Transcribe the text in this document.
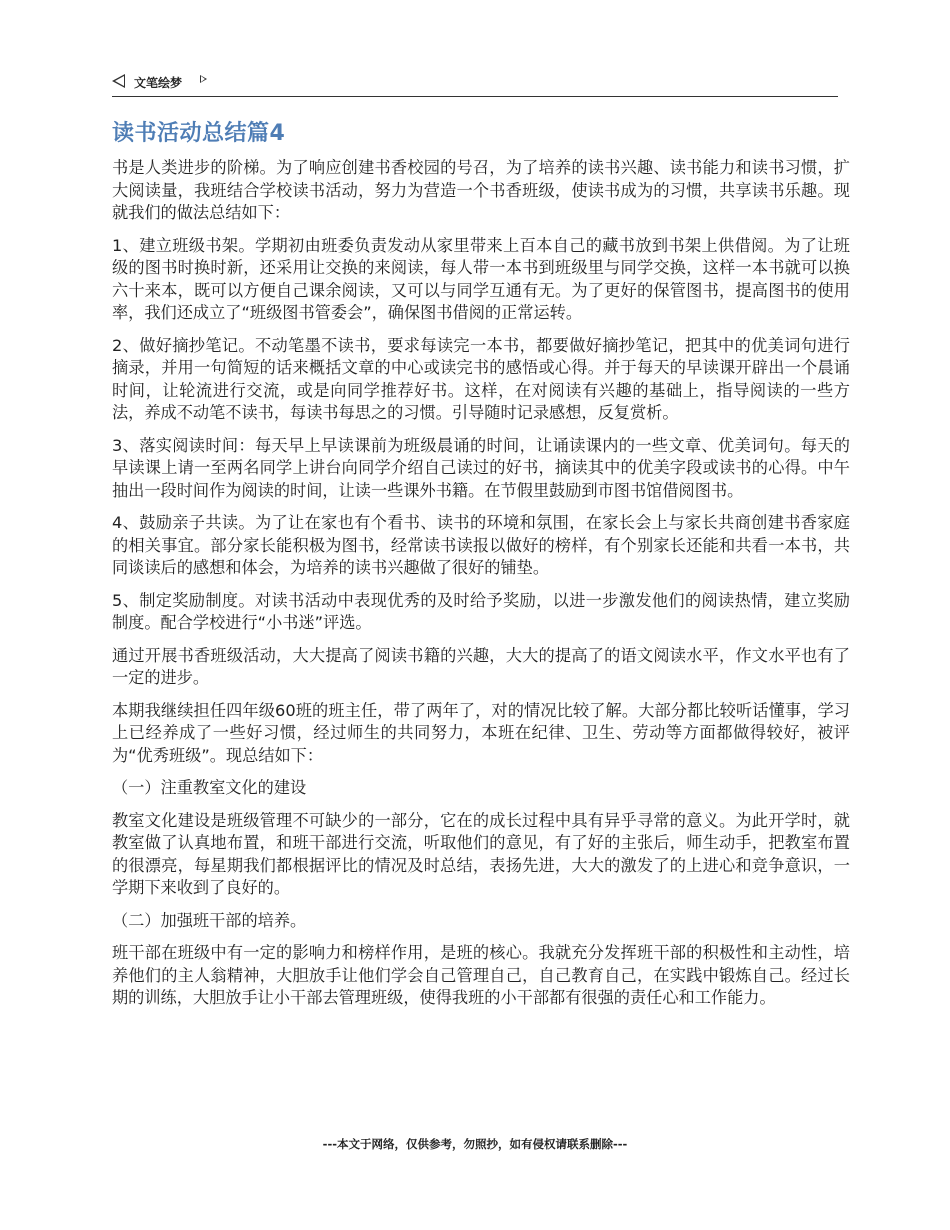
文笔绘梦
读书活动总结篇4

书是人类进步的阶梯。为了响应创建书香校园的号召，为了培养的读书兴趣、读书能力和读书习惯，扩大阅读量，我班结合学校读书活动，努力为营造一个书香班级，使读书成为的习惯，共享读书乐趣。现就我们的做法总结如下：

1、建立班级书架。学期初由班委负责发动从家里带来上百本自己的藏书放到书架上供借阅。为了让班级的图书时换时新，还采用让交换的来阅读，每人带一本书到班级里与同学交换，这样一本书就可以换六十来本，既可以方便自己课余阅读，又可以与同学互通有无。为了更好的保管图书，提高图书的使用率，我们还成立了“班级图书管委会”，确保图书借阅的正常运转。

2、做好摘抄笔记。不动笔墨不读书，要求每读完一本书，都要做好摘抄笔记，把其中的优美词句进行摘录，并用一句简短的话来概括文章的中心或读完书的感悟或心得。并于每天的早读课开辟出一个晨诵时间，让轮流进行交流，或是向同学推荐好书。这样，在对阅读有兴趣的基础上，指导阅读的一些方法，养成不动笔不读书，每读书每思之的习惯。引导随时记录感想，反复赏析。

3、落实阅读时间：每天早上早读课前为班级晨诵的时间，让诵读课内的一些文章、优美词句。每天的早读课上请一至两名同学上讲台向同学介绍自己读过的好书，摘读其中的优美字段或读书的心得。中午抽出一段时间作为阅读的时间，让读一些课外书籍。在节假里鼓励到市图书馆借阅图书。

4、鼓励亲子共读。为了让在家也有个看书、读书的环境和氛围，在家长会上与家长共商创建书香家庭的相关事宜。部分家长能积极为图书，经常读书读报以做好的榜样，有个别家长还能和共看一本书，共同谈读后的感想和体会，为培养的读书兴趣做了很好的铺垫。

5、制定奖励制度。对读书活动中表现优秀的及时给予奖励，以进一步激发他们的阅读热情，建立奖励制度。配合学校进行“小书迷”评选。

通过开展书香班级活动，大大提高了阅读书籍的兴趣，大大的提高了的语文阅读水平，作文水平也有了一定的进步。

本期我继续担任四年级60班的班主任，带了两年了，对的情况比较了解。大部分都比较听话懂事，学习上已经养成了一些好习惯，经过师生的共同努力，本班在纪律、卫生、劳动等方面都做得较好，被评为“优秀班级”。现总结如下：

（一）注重教室文化的建设

教室文化建设是班级管理不可缺少的一部分，它在的成长过程中具有异乎寻常的意义。为此开学时，就教室做了认真地布置，和班干部进行交流，听取他们的意见，有了好的主张后，师生动手，把教室布置的很漂亮，每星期我们都根据评比的情况及时总结，表扬先进，大大的激发了的上进心和竞争意识，一学期下来收到了良好的。

（二）加强班干部的培养。

班干部在班级中有一定的影响力和榜样作用，是班的核心。我就充分发挥班干部的积极性和主动性，培养他们的主人翁精神，大胆放手让他们学会自己管理自己，自己教育自己，在实践中锻炼自己。经过长期的训练，大胆放手让小干部去管理班级，使得我班的小干部都有很强的责任心和工作能力。

---本文于网络，仅供参考，勿照抄，如有侵权请联系删除---
